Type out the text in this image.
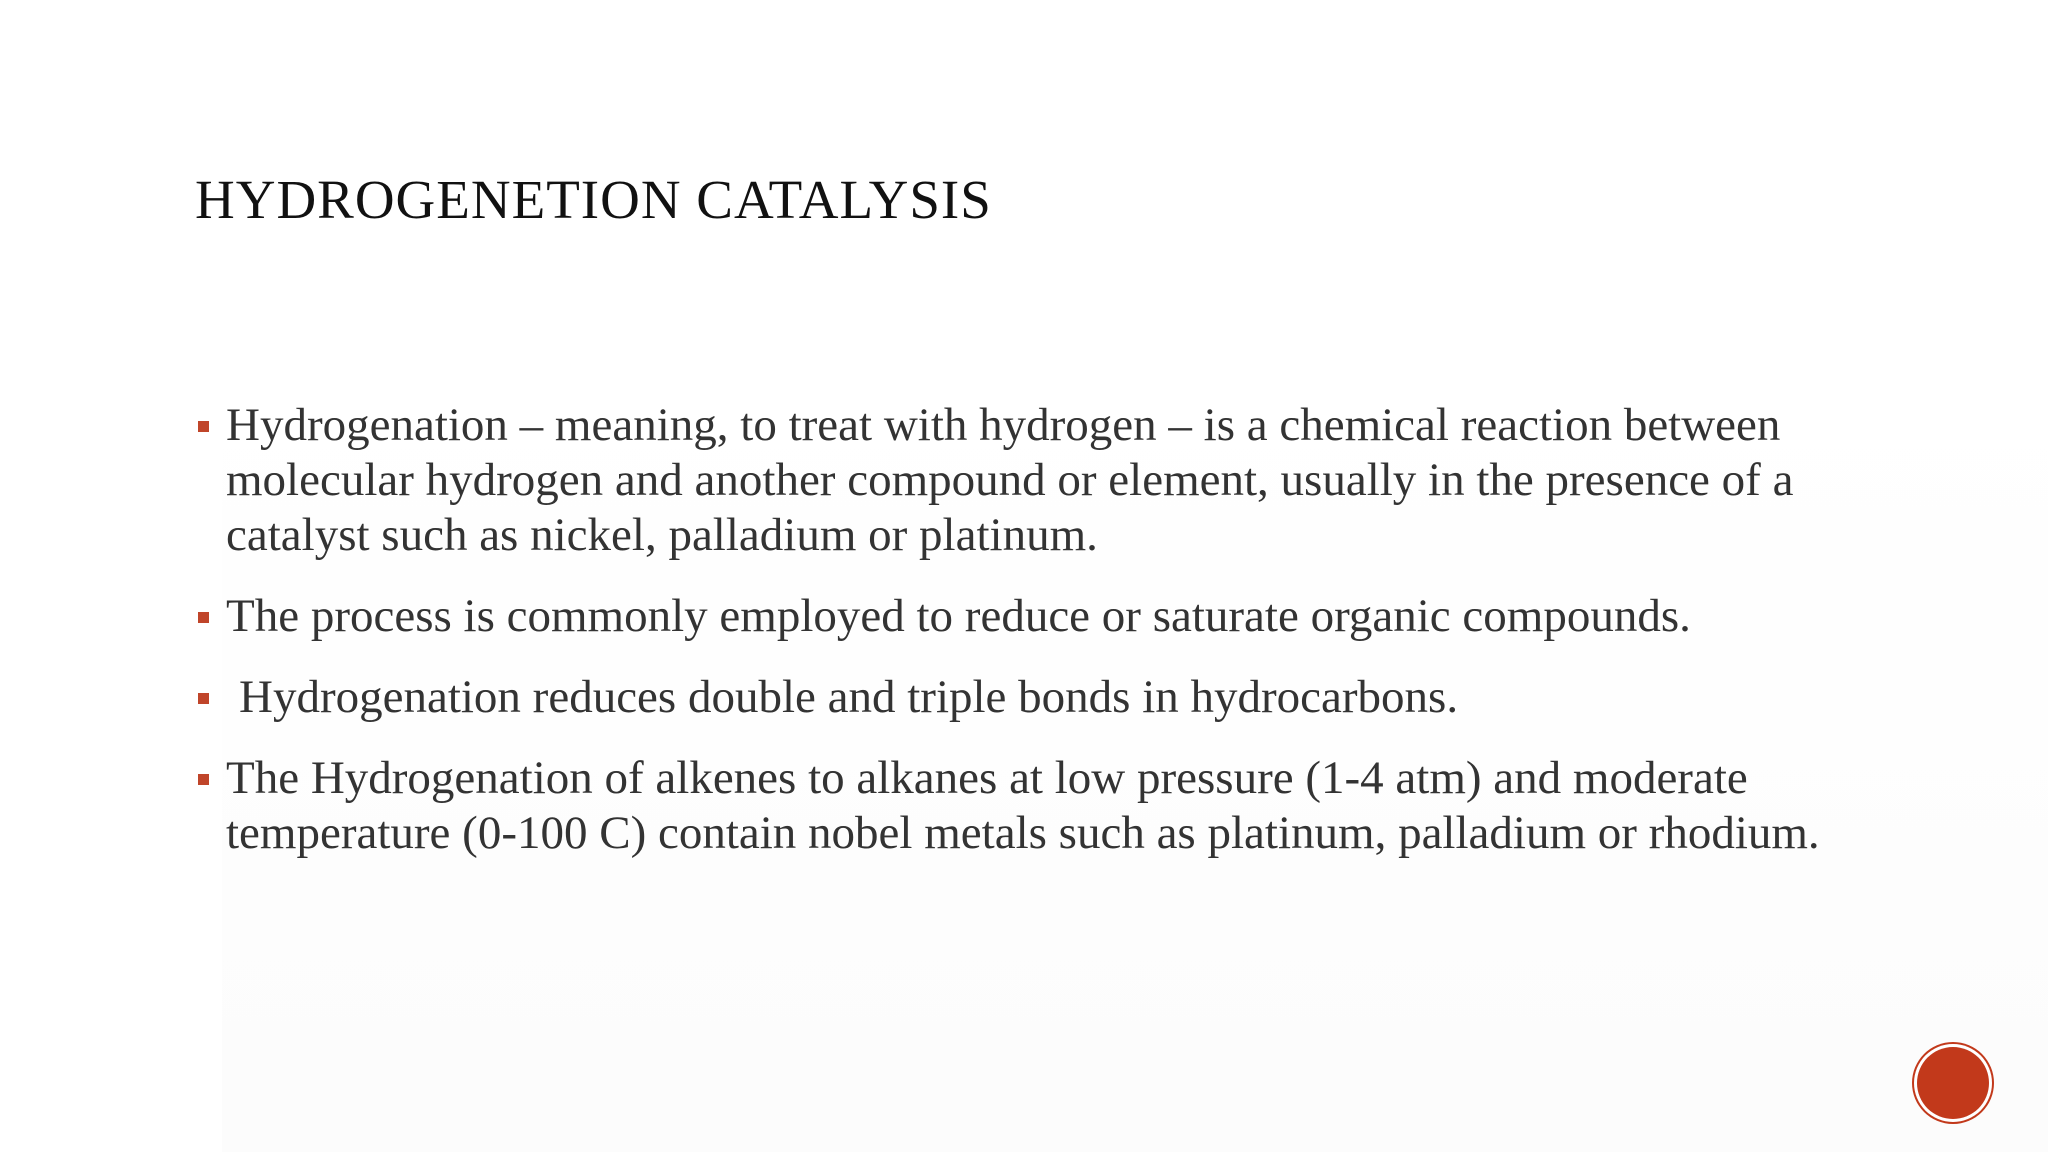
HYDROGENETION CATALYSIS
Hydrogenation – meaning, to treat with hydrogen – is a chemical reaction between molecular hydrogen and another compound or element, usually in the presence of a catalyst such as nickel, palladium or platinum.
The process is commonly employed to reduce or saturate organic compounds.
Hydrogenation reduces double and triple bonds in hydrocarbons.
The Hydrogenation of alkenes to alkanes at low pressure (1-4 atm) and moderate temperature (0-100 C) contain nobel metals such as platinum, palladium or rhodium.
